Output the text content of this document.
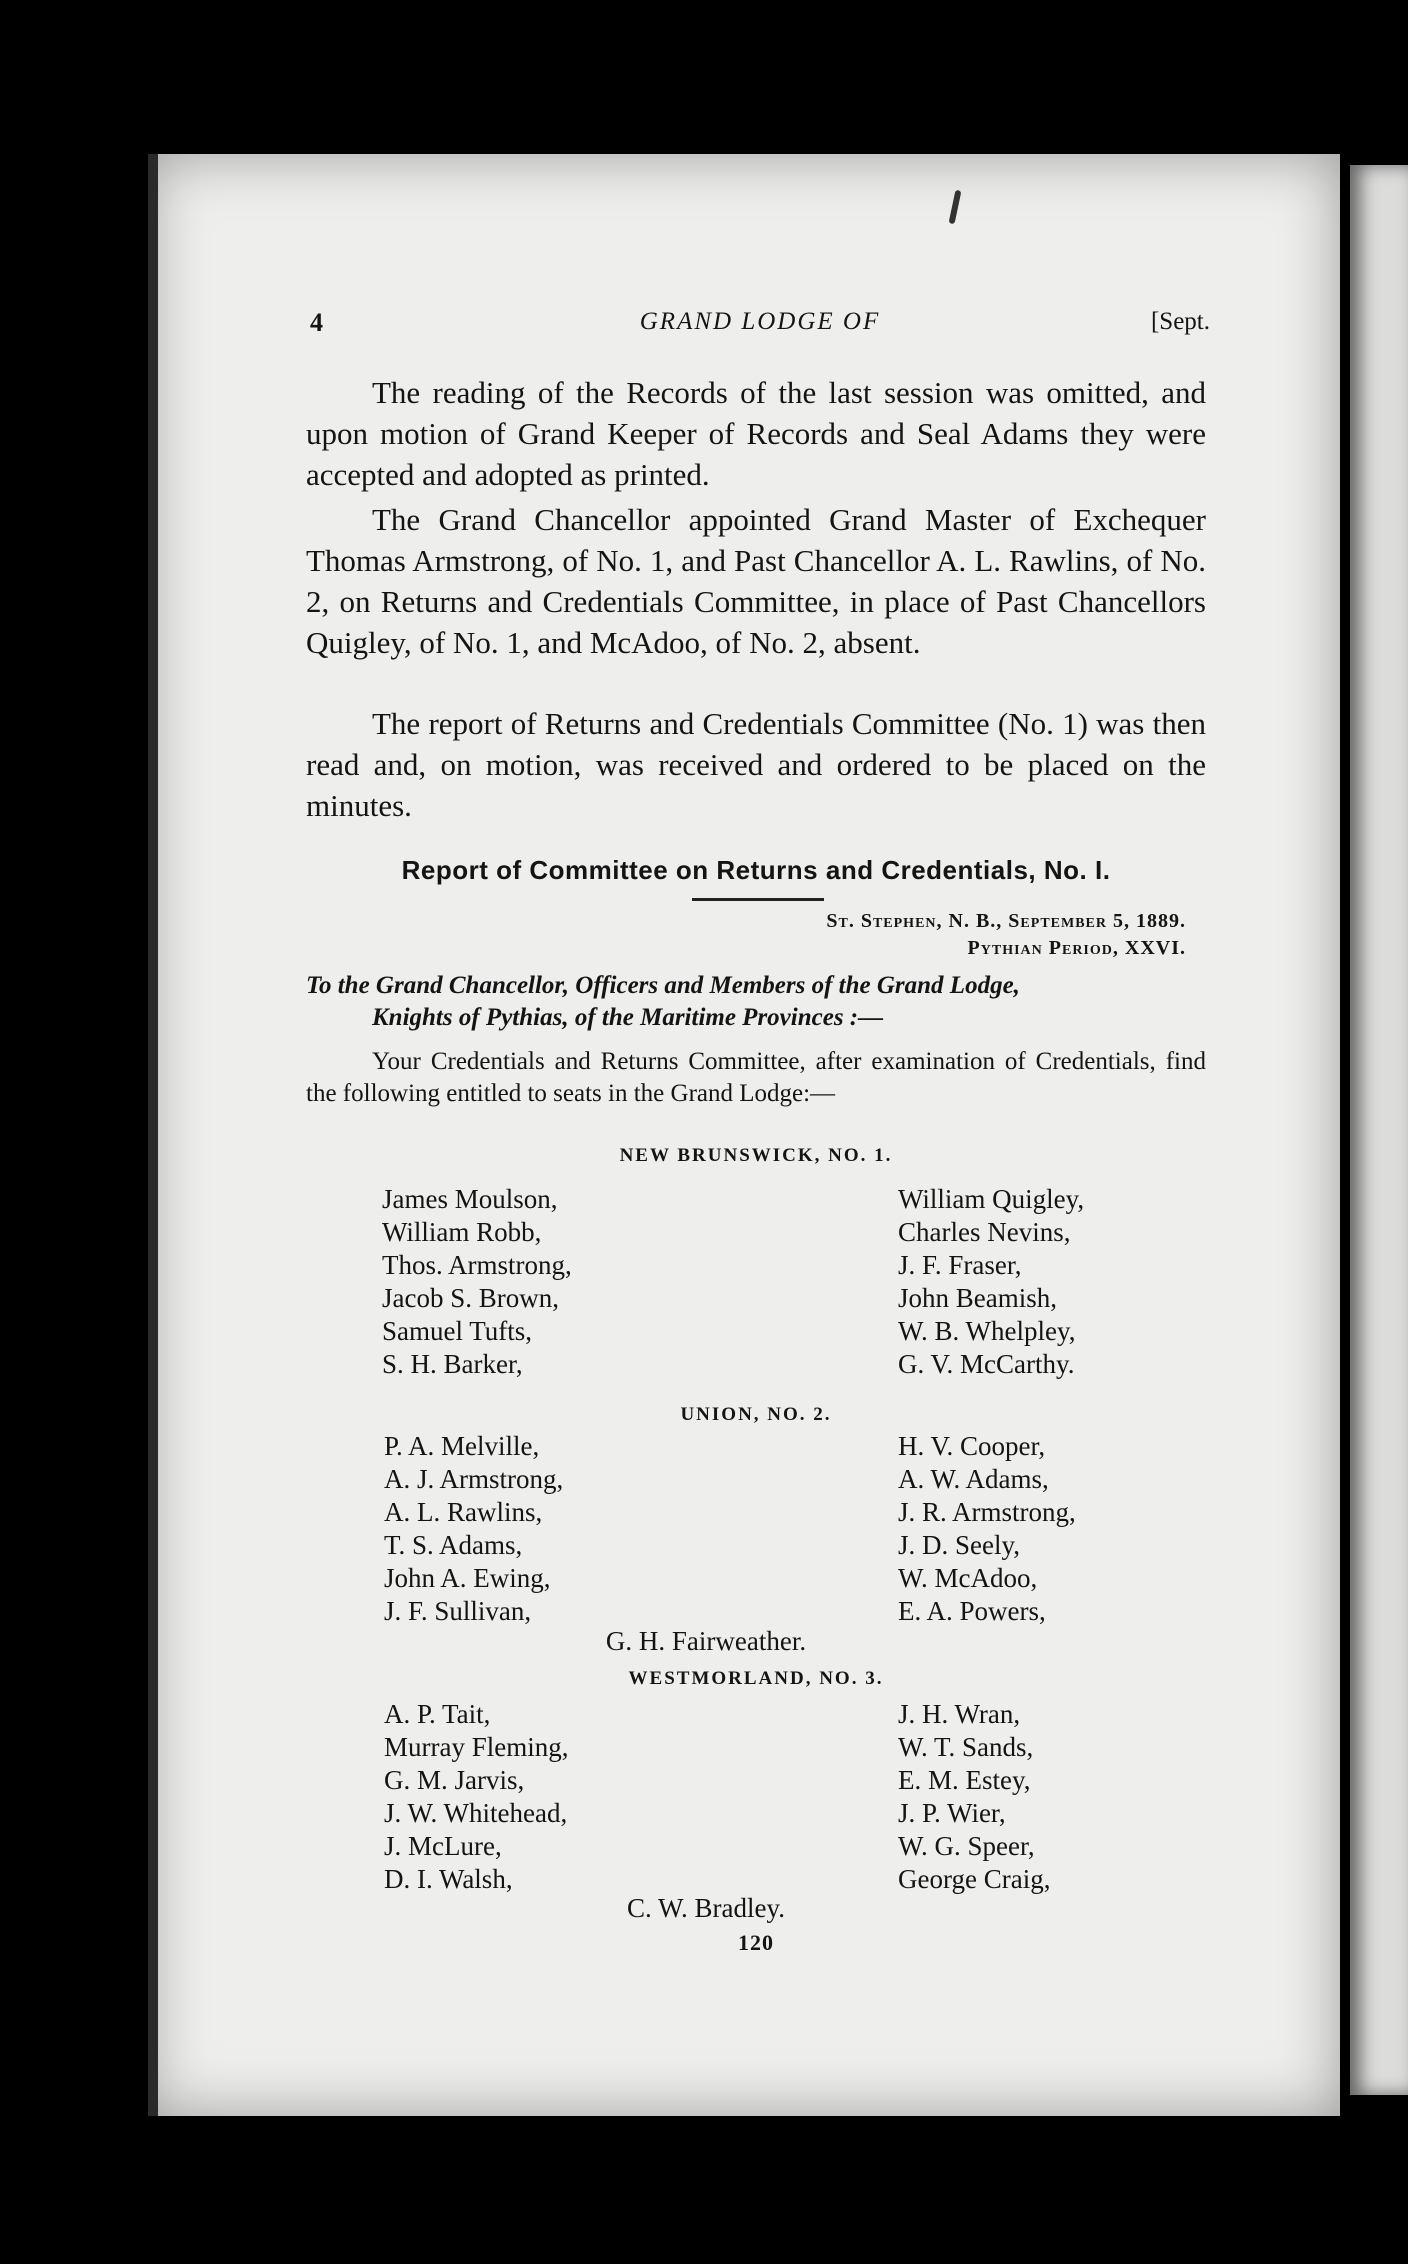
4	GRAND LODGE OF	[Sept.

The reading of the Records of the last session was omitted, and upon motion of Grand Keeper of Records and Seal Adams they were accepted and adopted as printed.

The Grand Chancellor appointed Grand Master of Exchequer Thomas Armstrong, of No. 1, and Past Chancellor A. L. Rawlins, of No. 2, on Returns and Credentials Committee, in place of Past Chancellors Quigley, of No. 1, and McAdoo, of No. 2, absent.

The report of Returns and Credentials Committee (No. 1) was then read and, on motion, was received and ordered to be placed on the minutes.

Report of Committee on Returns and Credentials, No. I.
St. Stephen, N. B., September 5, 1889.
Pythian Period, XXVI.

To the Grand Chancellor, Officers and Members of the Grand Lodge,
Knights of Pythias, of the Maritime Provinces :—

Your Credentials and Returns Committee, after examination of Credentials, find the following entitled to seats in the Grand Lodge:—

NEW BRUNSWICK, NO. 1.
James Moulson,
William Robb,
Thos. Armstrong,
Jacob S. Brown,
Samuel Tufts,
S. H. Barker,
William Quigley,
Charles Nevins,
J. F. Fraser,
John Beamish,
W. B. Whelpley,
G. V. McCarthy.
UNION, NO. 2.
P. A. Melville,
A. J. Armstrong,
A. L. Rawlins,
T. S. Adams,
John A. Ewing,
J. F. Sullivan,
H. V. Cooper,
A. W. Adams,
J. R. Armstrong,
J. D. Seely,
W. McAdoo,
E. A. Powers,
G. H. Fairweather.
WESTMORLAND, NO. 3.
A. P. Tait,
Murray Fleming,
G. M. Jarvis,
J. W. Whitehead,
J. McLure,
D. I. Walsh,
J. H. Wran,
W. T. Sands,
E. M. Estey,
J. P. Wier,
W. G. Speer,
George Craig,
C. W. Bradley.
120
